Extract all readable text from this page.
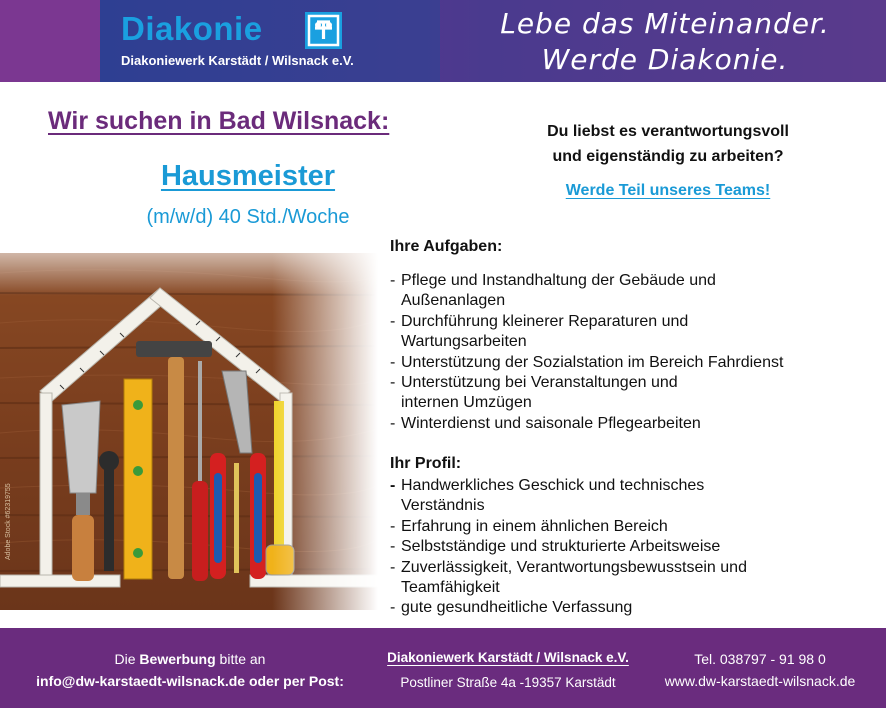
Diakonie
Diakoniewerk Karstädt / Wilsnack e.V.
Lebe das Miteinander.
Werde Diakonie.
Wir suchen in Bad Wilsnack:
Hausmeister
(m/w/d) 40 Std./Woche
Du liebst es verantwortungsvoll
und eigenständig zu arbeiten?
Werde Teil unseres Teams!
Adobe Stock #62319755
Ihre Aufgaben:
- Pflege und Instandhaltung der Gebäude und
Außenanlagen
- Durchführung kleinerer Reparaturen und
Wartungsarbeiten
- Unterstützung der Sozialstation im Bereich Fahrdienst
- Unterstützung bei Veranstaltungen und
internen Umzügen
- Winterdienst und saisonale Pflegearbeiten
Ihr Profil:
- Handwerkliches Geschick und technisches
Verständnis
- Erfahrung in einem ähnlichen Bereich
- Selbstständige und strukturierte Arbeitsweise
- Zuverlässigkeit, Verantwortungsbewusstsein und
Teamfähigkeit
- gute gesundheitliche Verfassung
Die Bewerbung bitte an
info@dw-karstaedt-wilsnack.de oder per Post:
Diakoniewerk Karstädt / Wilsnack e.V.
Postliner Straße 4a -19357 Karstädt
Tel. 038797 - 91 98 0
www.dw-karstaedt-wilsnack.de
